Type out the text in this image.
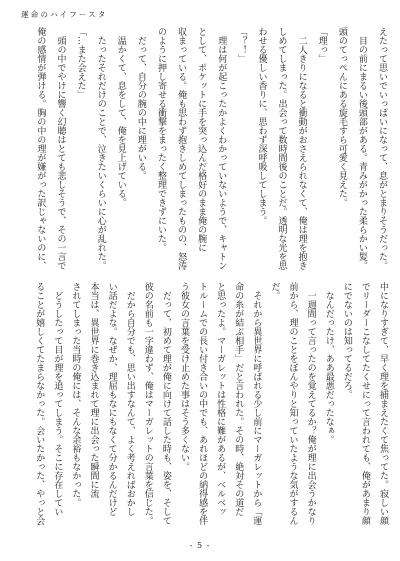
運命のハイフースタ
えたって思いでいっぱいになって、息がとまりそうだった。
目の前にまるい後頭部がある。青みがかった柔らかい髪。
頭のてっぺんにある旋毛すら可愛く見えた。
「理っ」
二人きりになると衝動がおさえられなくて、俺は理を抱き
しめてしまった。出会って数時間後のことだ。透明な光を思
わせる優しい香りに、思わず深呼吸してしまう。
「？！」
理は何が起こったかよくわかっていないようで、キャトン
として、ポケットに手を突っ込んだ格好のまま俺の腕に
収まっている。俺も思わず抱きしめてしまったものの、怒涛
のように押し寄せる衝撃をまったく整理できずにいた。
だって、自分の腕の中に理がいる。
温かくて、息をして、俺を見上げている。
たったそれだけのことで、泣きたいくらいに心が乱れた。
「…また会えた」
頭の中でやけに響く幻聴はとても悲しそうで、その一言で
俺の感情が弾ける。胸の中の理が嫌がった訳じゃないのに、
中になりすぎて、早く理を捕まえたくて焦ってた。寂しい顔
でリーダーこなしてたくせにって言われても、俺があまり顔
にでないのは知ってるだろ。
なんだったけ、ああ最悪だったなぁ。
一週間って言ったのを覚えてるか？俺が理に出会うかなり
前から、理のことをぼんやりと知っていたような気がするん
だ。
それから異世界に呼ばれる少し前にマーガレットから「運
命の糸が結ぶ相手」だと言われた。その時、絶対その道だ
と思ったよ。マーガレットは性格に難があるが、ベルベッ
トルームでの長い付き合いの中でも、あれほどの納得感を伴
う彼女の言葉を受け止めた事はそう多くない。
だって、初めて理が俺に向けて話した時も、姿を、そして
彼の名前も一字違わず、俺はマーガレットの言葉を信じた。
だから自分でも、思い出すなんて、よく考えればおかし
い話だよな。なぜか、理屈もなにもなくて分かるんだけど
本当は、異世界に巻き込まれて理に出会った瞬間に流
されてしまった当時の俺には、そんな余裕もなかった。
どうしたって目が理を追ってしまう。そこに存在してい
ることが嬉しくてたまらなかった。会いたかった、やっと会
- 5 -
